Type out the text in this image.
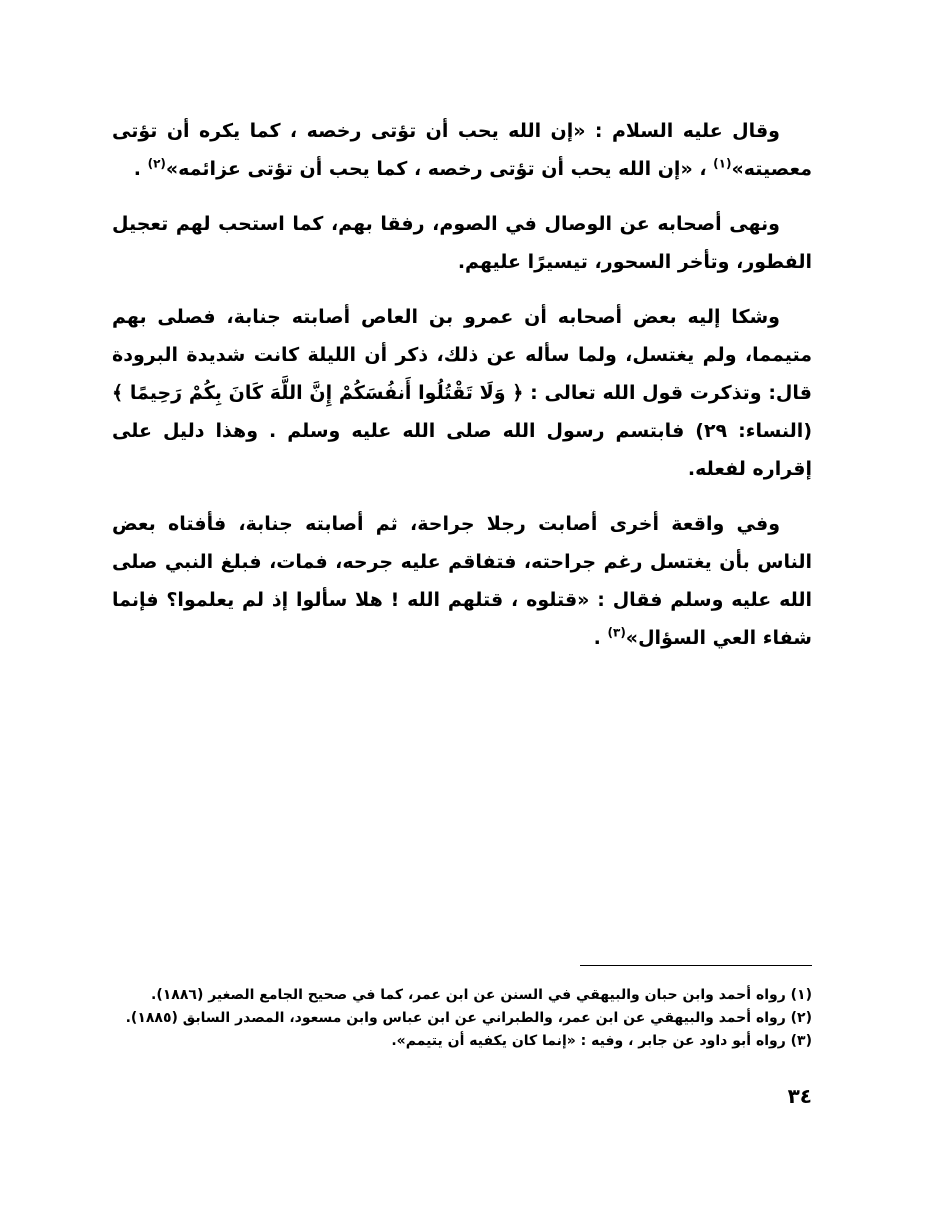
وقال عليه السلام : «إن الله يحب أن تؤتى رخصه ، كما يكره أن تؤتى معصيته»$^{(١)}$ ، «إن الله يحب أن تؤتى رخصه ، كما يحب أن تؤتى عزائمه»$^{(٢)}$ .

ونهى أصحابه عن الوصال في الصوم، رفقا بهم، كما استحب لهم تعجيل الفطور، وتأخر السحور، تيسيرًا عليهم.

وشكا إليه بعض أصحابه أن عمرو بن العاص أصابته جنابة، فصلى بهم متيمما، ولم يغتسل، ولما سأله عن ذلك، ذكر أن الليلة كانت شديدة البرودة قال: وتذكرت قول الله تعالى : ﴿ وَلَا تَقْتُلُوا أَنفُسَكُمْ إِنَّ اللَّهَ كَانَ بِكُمْ رَحِيمًا ﴾ (النساء: ٢٩) فابتسم رسول الله صلى الله عليه وسلم . وهذا دليل على إقراره لفعله.

وفي واقعة أخرى أصابت رجلا جراحة، ثم أصابته جنابة، فأفتاه بعض الناس بأن يغتسل رغم جراحته، فتفاقم عليه جرحه، فمات، فبلغ النبي صلى الله عليه وسلم فقال : «قتلوه ، قتلهم الله ! هلا سألوا إذ لم يعلموا؟ فإنما شفاء العي السؤال»$^{(٣)}$ .

(١) رواه أحمد وابن حبان والبيهقي في السنن عن ابن عمر، كما في صحيح الجامع الصغير (١٨٨٦).

(٢) رواه أحمد والبيهقي عن ابن عمر، والطبراني عن ابن عباس وابن مسعود، المصدر السابق (١٨٨٥).

(٣) رواه أبو داود عن جابر ، وفيه : «إنما كان يكفيه أن يتيمم».

٣٤
